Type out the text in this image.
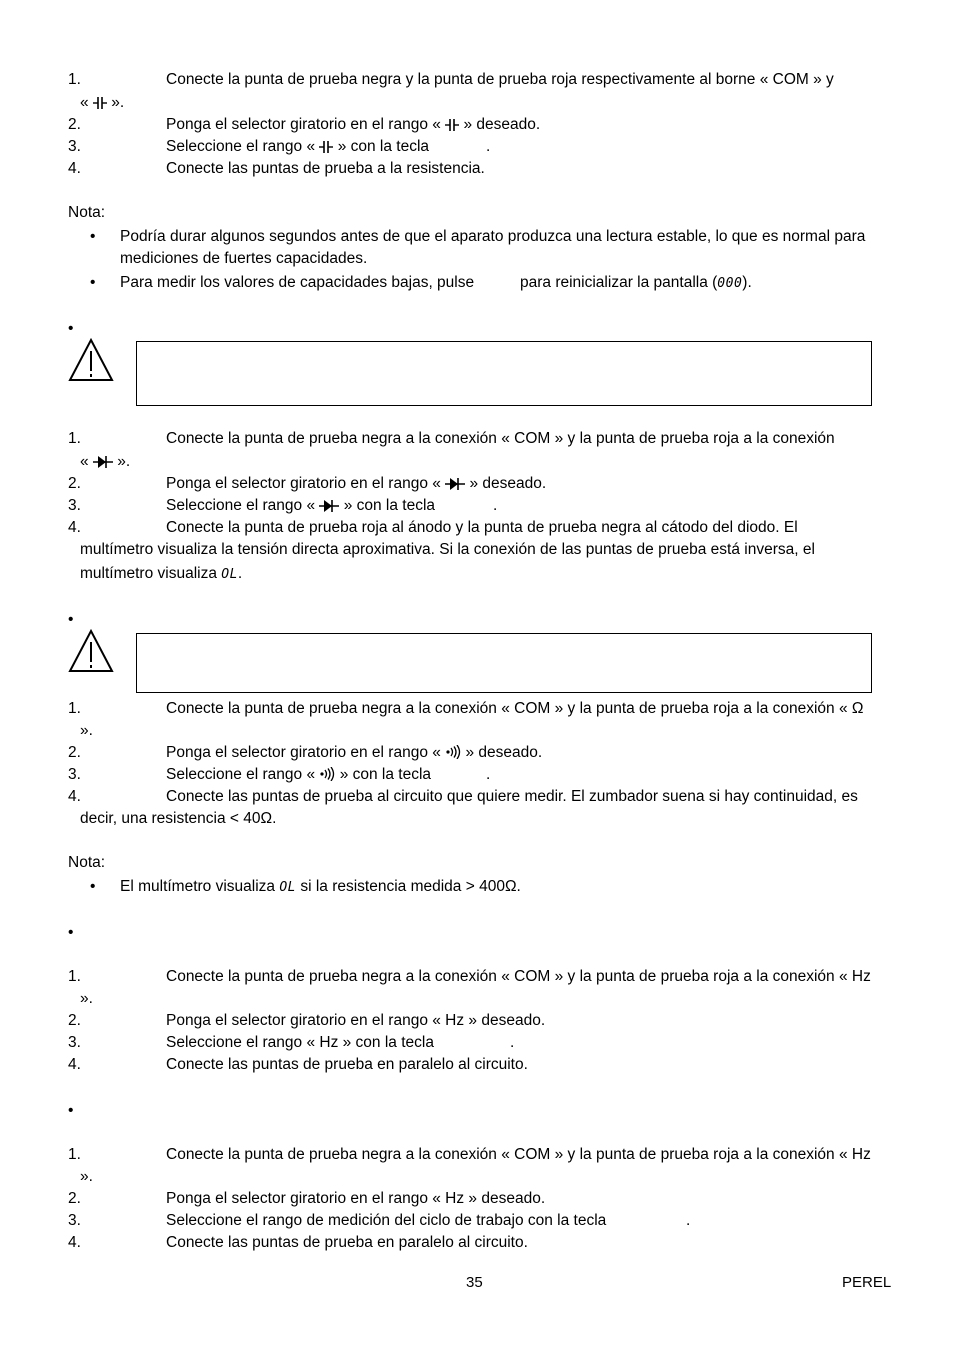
1.	Conecte la punta de prueba negra y la punta de prueba roja respectivamente al borne « COM » y
«  ».
2.	Ponga el selector giratorio en el rango «  » deseado.
3.	Seleccione el rango «  » con la tecla	.
4.	Conecte las puntas de prueba a la resistencia.
Nota:
• Podría durar algunos segundos antes de que el aparato produzca una lectura estable, lo que es normal para
mediciones de fuertes capacidades.
• Para medir los valores de capacidades bajas, pulse	para reinicializar la pantalla (000).
•
1.	Conecte la punta de prueba negra a la conexión « COM » y la punta de prueba roja a la conexión
«  ».
2.	Ponga el selector giratorio en el rango «  » deseado.
3.	Seleccione el rango «  » con la tecla	.
4.	Conecte la punta de prueba roja al ánodo y la punta de prueba negra al cátodo del diodo. El
multímetro visualiza la tensión directa aproximativa. Si la conexión de las puntas de prueba está inversa, el
multímetro visualiza OL.
•
1.	Conecte la punta de prueba negra a la conexión « COM » y la punta de prueba roja a la conexión « Ω
».
2.	Ponga el selector giratorio en el rango «  » deseado.
3.	Seleccione el rango «  » con la tecla	.
4.	Conecte las puntas de prueba al circuito que quiere medir. El zumbador suena si hay continuidad, es
decir, una resistencia < 40Ω.
Nota:
• El multímetro visualiza OL si la resistencia medida > 400Ω.
•
1.	Conecte la punta de prueba negra a la conexión « COM » y la punta de prueba roja a la conexión « Hz
».
2.	Ponga el selector giratorio en el rango « Hz » deseado.
3.	Seleccione el rango « Hz » con la tecla	.
4.	Conecte las puntas de prueba en paralelo al circuito.
•
1.	Conecte la punta de prueba negra a la conexión « COM » y la punta de prueba roja a la conexión « Hz
».
2.	Ponga el selector giratorio en el rango « Hz » deseado.
3.	Seleccione el rango de medición del ciclo de trabajo con la tecla	.
4.	Conecte las puntas de prueba en paralelo al circuito.
35	PEREL
